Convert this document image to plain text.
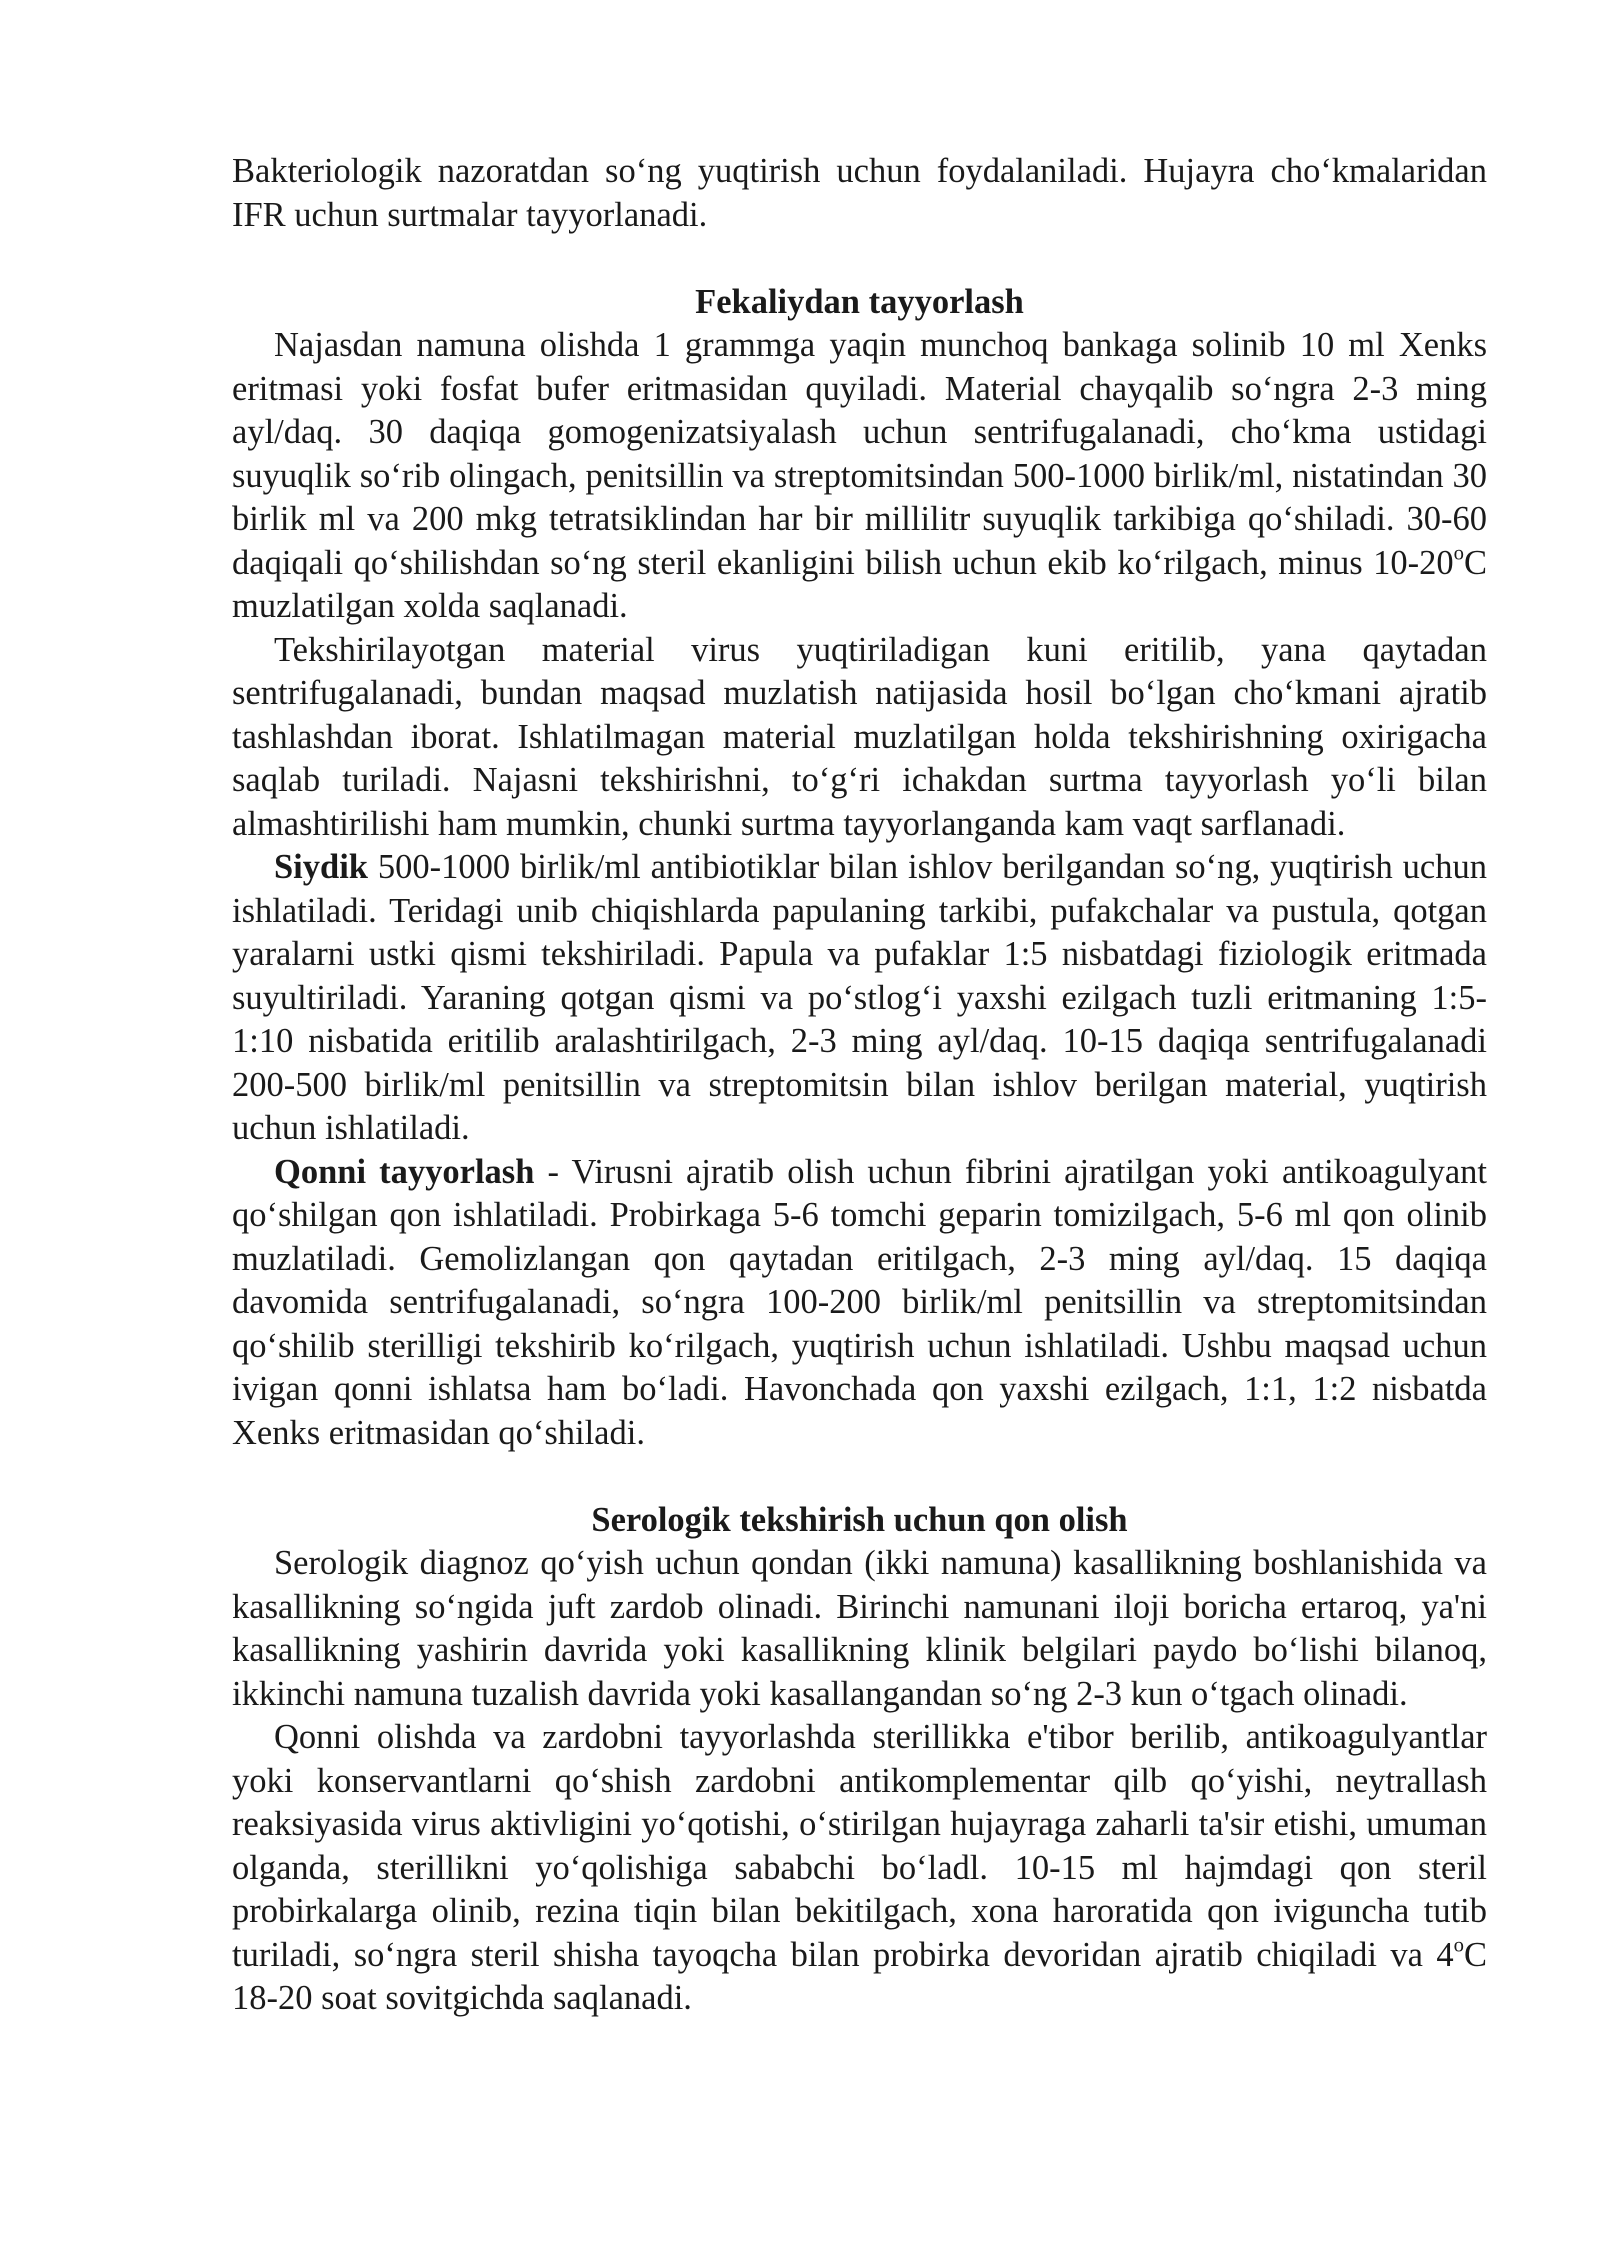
Bakteriologik nazoratdan so‘ng yuqtirish uchun foydalaniladi. Hujayra cho‘kmalaridan IFR uchun surtmalar tayyorlanadi.

Fekaliydan tayyorlash

Najasdan namuna olishda 1 grammga yaqin munchoq bankaga solinib 10 ml Xenks eritmasi yoki fosfat bufer eritmasidan quyiladi. Material chayqalib so‘ngra 2-3 ming ayl/daq. 30 daqiqa gomogenizatsiyalash uchun sentrifugalanadi, cho‘kma ustidagi suyuqlik so‘rib olingach, penitsillin va streptomitsindan 500-1000 birlik/ml, nistatindan 30 birlik ml va 200 mkg tetratsiklindan har bir millilitr suyuqlik tarkibiga qo‘shiladi. 30-60 daqiqali qo‘shilishdan so‘ng steril ekanligini bilish uchun ekib ko‘rilgach, minus 10-20$^o$C muzlatilgan xolda saqlanadi.

Tekshirilayotgan material virus yuqtiriladigan kuni eritilib, yana qaytadan sentrifugalanadi, bundan maqsad muzlatish natijasida hosil bo‘lgan cho‘kmani ajratib tashlashdan iborat. Ishlatilmagan material muzlatilgan holda tekshirishning oxirigacha saqlab turiladi. Najasni tekshirishni, to‘g‘ri ichakdan surtma tayyorlash yo‘li bilan almashtirilishi ham mumkin, chunki surtma tayyorlanganda kam vaqt sarflanadi.

Siydik 500-1000 birlik/ml antibiotiklar bilan ishlov berilgandan so‘ng, yuqtirish uchun ishlatiladi. Teridagi unib chiqishlarda papulaning tarkibi, pufakchalar va pustula, qotgan yaralarni ustki qismi tekshiriladi. Papula va pufaklar 1:5 nisbatdagi fiziologik eritmada suyultiriladi. Yaraning qotgan qismi va po‘stlog‘i yaxshi ezilgach tuzli eritmaning 1:5-1:10 nisbatida eritilib aralashtirilgach, 2-3 ming ayl/daq. 10-15 daqiqa sentrifugalanadi 200-500 birlik/ml penitsillin va streptomitsin bilan ishlov berilgan material, yuqtirish uchun ishlatiladi.

Qonni tayyorlash - Virusni ajratib olish uchun fibrini ajratilgan yoki antikoagulyant qo‘shilgan qon ishlatiladi. Probirkaga 5-6 tomchi geparin tomizilgach, 5-6 ml qon olinib muzlatiladi. Gemolizlangan qon qaytadan eritilgach, 2-3 ming ayl/daq. 15 daqiqa davomida sentrifugalanadi, so‘ngra 100-200 birlik/ml penitsillin va streptomitsindan qo‘shilib sterilligi tekshirib ko‘rilgach, yuqtirish uchun ishlatiladi. Ushbu maqsad uchun ivigan qonni ishlatsa ham bo‘ladi. Havonchada qon yaxshi ezilgach, 1:1, 1:2 nisbatda Xenks eritmasidan qo‘shiladi.

Serologik tekshirish uchun qon olish

Serologik diagnoz qo‘yish uchun qondan (ikki namuna) kasallikning boshlanishida va kasallikning so‘ngida juft zardob olinadi. Birinchi namunani iloji boricha ertaroq, ya'ni kasallikning yashirin davrida yoki kasallikning klinik belgilari paydo bo‘lishi bilanoq, ikkinchi namuna tuzalish davrida yoki kasallangandan so‘ng 2-3 kun o‘tgach olinadi.

Qonni olishda va zardobni tayyorlashda sterillikka e'tibor berilib, antikoagulyantlar yoki konservantlarni qo‘shish zardobni antikomplementar qilb qo‘yishi, neytrallash reaksiyasida virus aktivligini yo‘qotishi, o‘stirilgan hujayraga zaharli ta'sir etishi, umuman olganda, sterillikni yo‘qolishiga sababchi bo‘ladl. 10-15 ml hajmdagi qon steril probirkalarga olinib, rezina tiqin bilan bekitilgach, xona haroratida qon ivigunchа tutib turiladi, so‘ngra steril shisha tayoqcha bilan probirka devoridan ajratib chiqiladi va 4$^o$C 18-20 soat sovitgichda saqlanadi.
